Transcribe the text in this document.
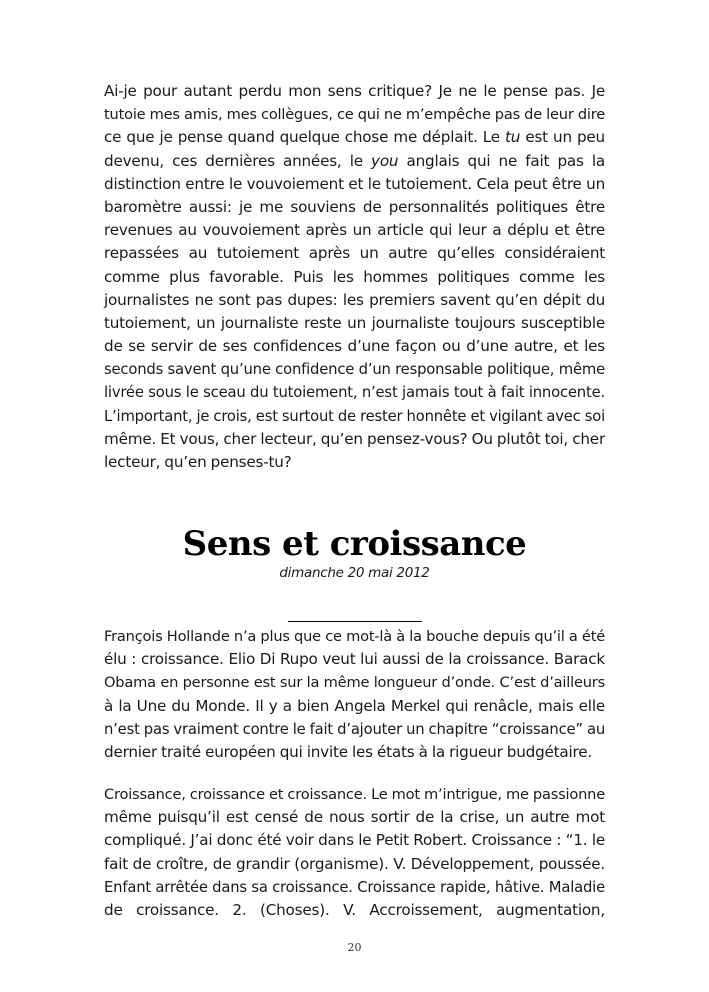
Ai-je pour autant perdu mon sens critique? Je ne le pense pas. Je
tutoie mes amis, mes collègues, ce qui ne m’empêche pas de leur dire
ce que je pense quand quelque chose me déplait. Le tu est un peu
devenu, ces dernières années, le you anglais qui ne fait pas la
distinction entre le vouvoiement et le tutoiement. Cela peut être un
baromètre aussi: je me souviens de personnalités politiques être
revenues au vouvoiement après un article qui leur a déplu et être
repassées au tutoiement après un autre qu’elles considéraient
comme plus favorable. Puis les hommes politiques comme les
journalistes ne sont pas dupes: les premiers savent qu’en dépit du
tutoiement, un journaliste reste un journaliste toujours susceptible
de se servir de ses confidences d’une façon ou d’une autre, et les
seconds savent qu’une confidence d’un responsable politique, même
livrée sous le sceau du tutoiement, n’est jamais tout à fait innocente.
L’important, je crois, est surtout de rester honnête et vigilant avec soi
même. Et vous, cher lecteur, qu’en pensez-vous? Ou plutôt toi, cher
lecteur, qu’en penses-tu?
Sens et croissance
dimanche 20 mai 2012
François Hollande n’a plus que ce mot-là à la bouche depuis qu’il a été
élu : croissance. Elio Di Rupo veut lui aussi de la croissance. Barack
Obama en personne est sur la même longueur d’onde. C’est d’ailleurs
à la Une du Monde. Il y a bien Angela Merkel qui renâcle, mais elle
n’est pas vraiment contre le fait d’ajouter un chapitre “croissance” au
dernier traité européen qui invite les états à la rigueur budgétaire.
Croissance, croissance et croissance. Le mot m’intrigue, me passionne
même puisqu’il est censé de nous sortir de la crise, un autre mot
compliqué. J’ai donc été voir dans le Petit Robert. Croissance : “1. le
fait de croître, de grandir (organisme). V. Développement, poussée.
Enfant arrêtée dans sa croissance. Croissance rapide, hâtive. Maladie
de croissance. 2. (Choses). V. Accroissement, augmentation,
20
